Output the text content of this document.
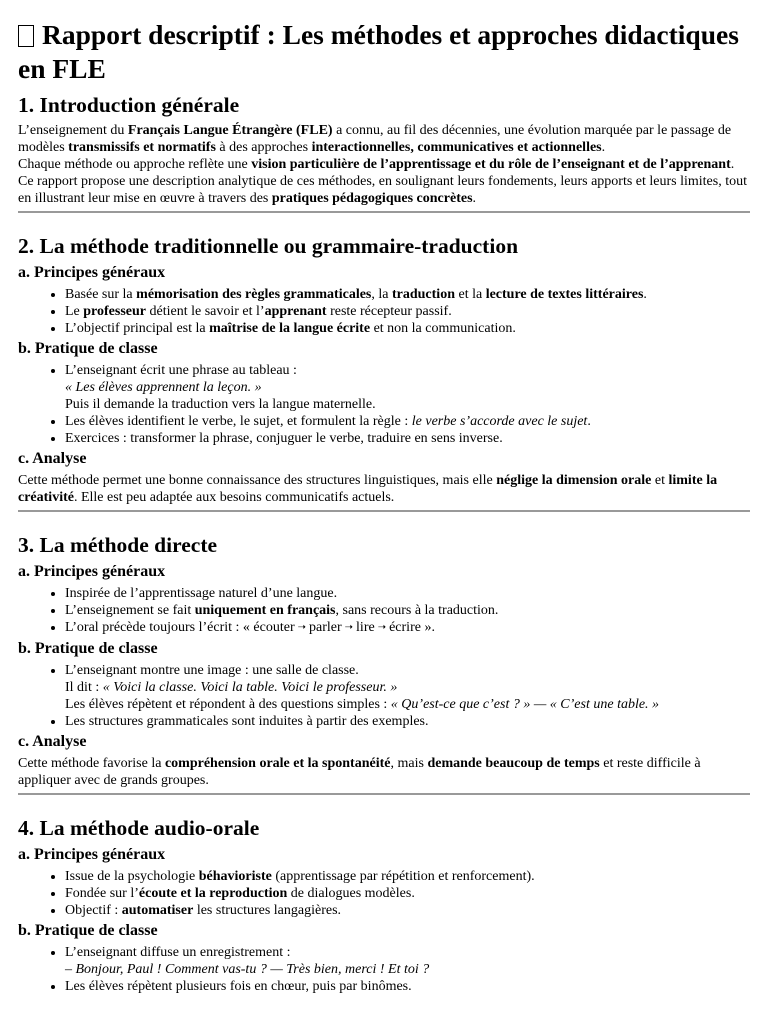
Rapport descriptif : Les méthodes et approches didactiques en FLE
1. Introduction générale

L’enseignement du Français Langue Étrangère (FLE) a connu, au fil des décennies, une évolution marquée par le passage de modèles transmissifs et normatifs à des approches interactionnelles, communicatives et actionnelles.
Chaque méthode ou approche reflète une vision particulière de l’apprentissage et du rôle de l’enseignant et de l’apprenant.
Ce rapport propose une description analytique de ces méthodes, en soulignant leurs fondements, leurs apports et leurs limites, tout en illustrant leur mise en œuvre à travers des pratiques pédagogiques concrètes.

2. La méthode traditionnelle ou grammaire-traduction
a. Principes généraux
• Basée sur la mémorisation des règles grammaticales, la traduction et la lecture de textes littéraires.
• Le professeur détient le savoir et l’apprenant reste récepteur passif.
• L’objectif principal est la maîtrise de la langue écrite et non la communication.
b. Pratique de classe
• L’enseignant écrit une phrase au tableau :
« Les élèves apprennent la leçon. »
Puis il demande la traduction vers la langue maternelle.
• Les élèves identifient le verbe, le sujet, et formulent la règle : le verbe s’accorde avec le sujet.
• Exercices : transformer la phrase, conjuguer le verbe, traduire en sens inverse.
c. Analyse

Cette méthode permet une bonne connaissance des structures linguistiques, mais elle néglige la dimension orale et limite la créativité. Elle est peu adaptée aux besoins communicatifs actuels.

3. La méthode directe
a. Principes généraux
• Inspirée de l’apprentissage naturel d’une langue.
• L’enseignement se fait uniquement en français, sans recours à la traduction.
• L’oral précède toujours l’écrit : « écouter ➝ parler ➝ lire ➝ écrire ».
b. Pratique de classe
• L’enseignant montre une image : une salle de classe.
Il dit : « Voici la classe. Voici la table. Voici le professeur. »
Les élèves répètent et répondent à des questions simples : « Qu’est-ce que c’est ? » — « C’est une table. »
• Les structures grammaticales sont induites à partir des exemples.
c. Analyse

Cette méthode favorise la compréhension orale et la spontanéité, mais demande beaucoup de temps et reste difficile à appliquer avec de grands groupes.

4. La méthode audio-orale
a. Principes généraux
• Issue de la psychologie béhavioriste (apprentissage par répétition et renforcement).
• Fondée sur l’écoute et la reproduction de dialogues modèles.
• Objectif : automatiser les structures langagières.
b. Pratique de classe
• L’enseignant diffuse un enregistrement :
– Bonjour, Paul ! Comment vas-tu ? — Très bien, merci ! Et toi ?
• Les élèves répètent plusieurs fois en chœur, puis par binômes.
